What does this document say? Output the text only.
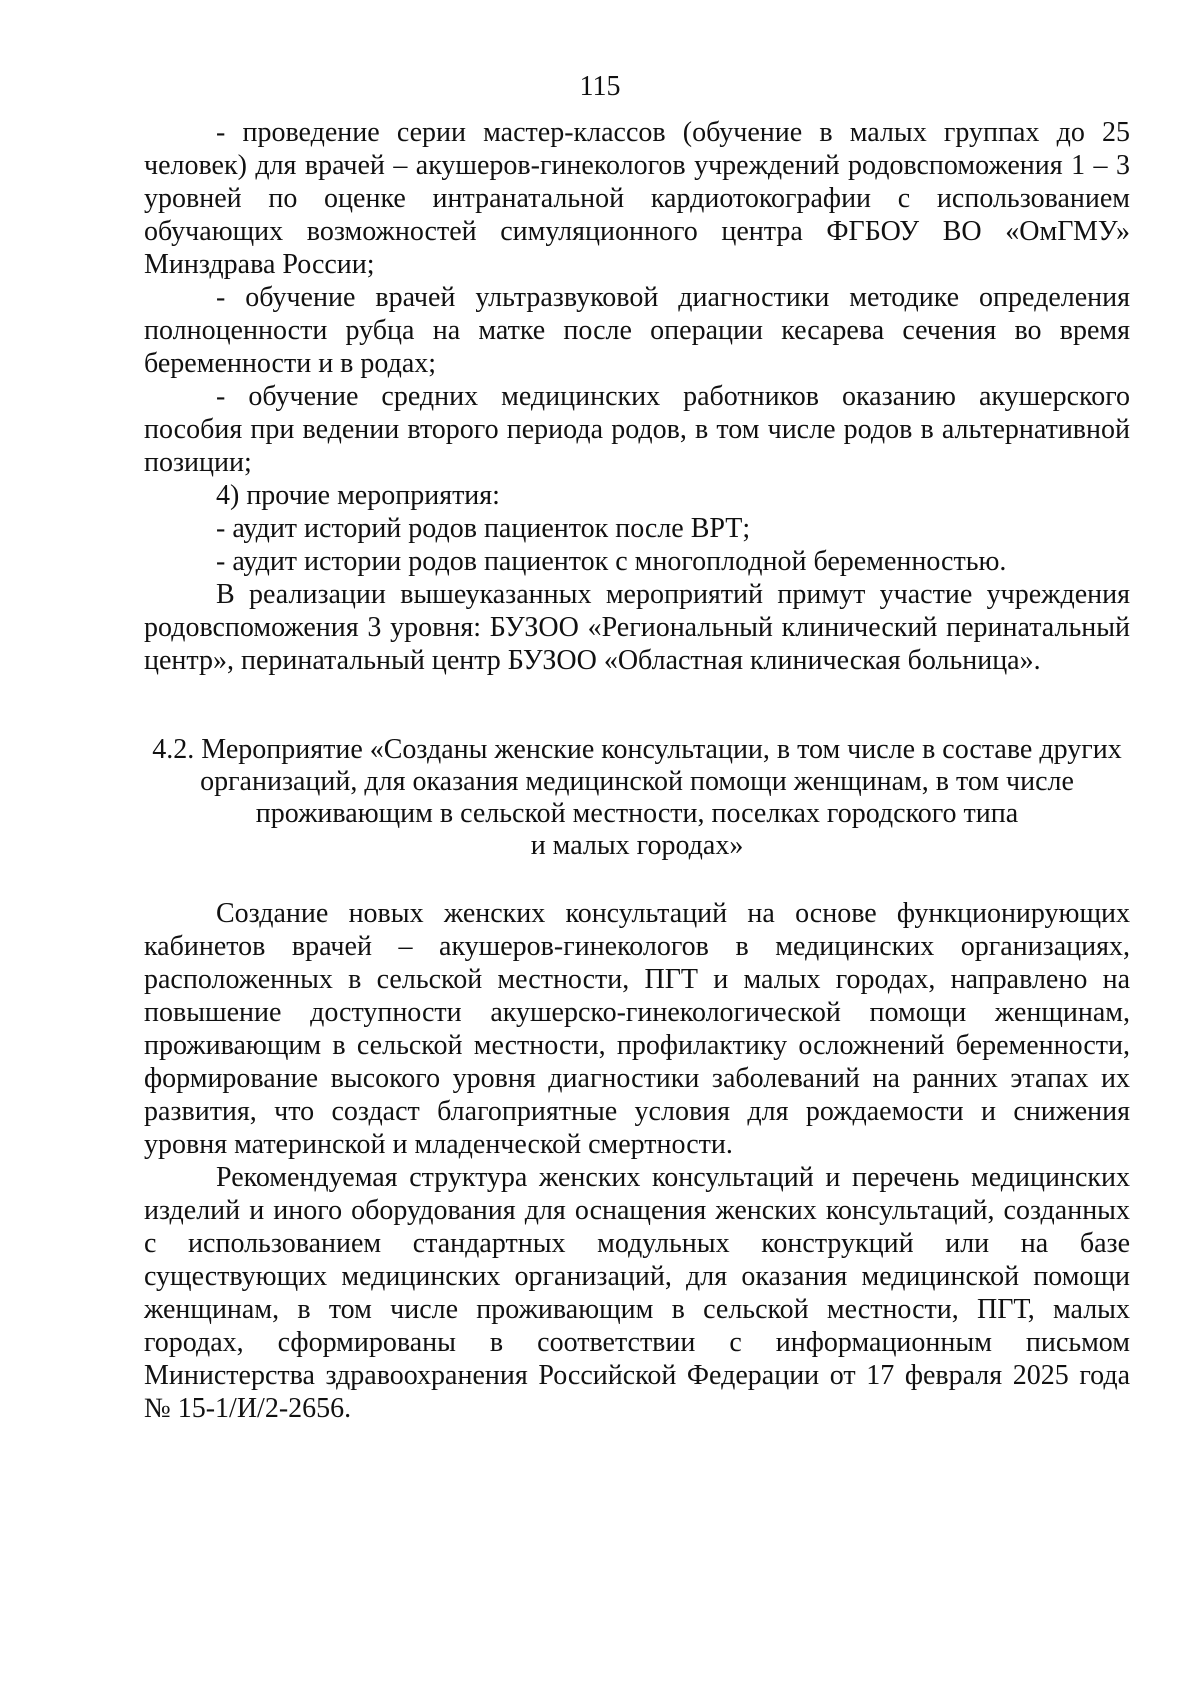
115

- проведение серии мастер-классов (обучение в малых группах до 25 человек) для врачей – акушеров-гинекологов учреждений родовспоможения 1 – 3 уровней по оценке интранатальной кардиотокографии с использованием обучающих возможностей симуляционного центра ФГБОУ ВО «ОмГМУ» Минздрава России;

- обучение врачей ультразвуковой диагностики методике определения полноценности рубца на матке после операции кесарева сечения во время беременности и в родах;

- обучение средних медицинских работников оказанию акушерского пособия при ведении второго периода родов, в том числе родов в альтернативной позиции;

4) прочие мероприятия:

- аудит историй родов пациенток после ВРТ;

- аудит истории родов пациенток с многоплодной беременностью.

В реализации вышеуказанных мероприятий примут участие учреждения родовспоможения 3 уровня: БУЗОО «Региональный клинический перинатальный центр», перинатальный центр БУЗОО «Областная клиническая больница».

4.2. Мероприятие «Созданы женские консультации, в том числе в составе других
организаций, для оказания медицинской помощи женщинам, в том числе
проживающим в сельской местности, поселках городского типа
и малых городах»

Создание новых женских консультаций на основе функционирующих кабинетов врачей – акушеров-гинекологов в медицинских организациях, расположенных в сельской местности, ПГТ и малых городах, направлено на повышение доступности акушерско-гинекологической помощи женщинам, проживающим в сельской местности, профилактику осложнений беременности, формирование высокого уровня диагностики заболеваний на ранних этапах их развития, что создаст благоприятные условия для рождаемости и снижения уровня материнской и младенческой смертности.

Рекомендуемая структура женских консультаций и перечень медицинских изделий и иного оборудования для оснащения женских консультаций, созданных с использованием стандартных модульных конструкций или на базе существующих медицинских организаций, для оказания медицинской помощи женщинам, в том числе проживающим в сельской местности, ПГТ, малых городах, сформированы в соответствии с информационным письмом Министерства здравоохранения Российской Федерации от 17 февраля 2025 года № 15-1/И/2-2656.
